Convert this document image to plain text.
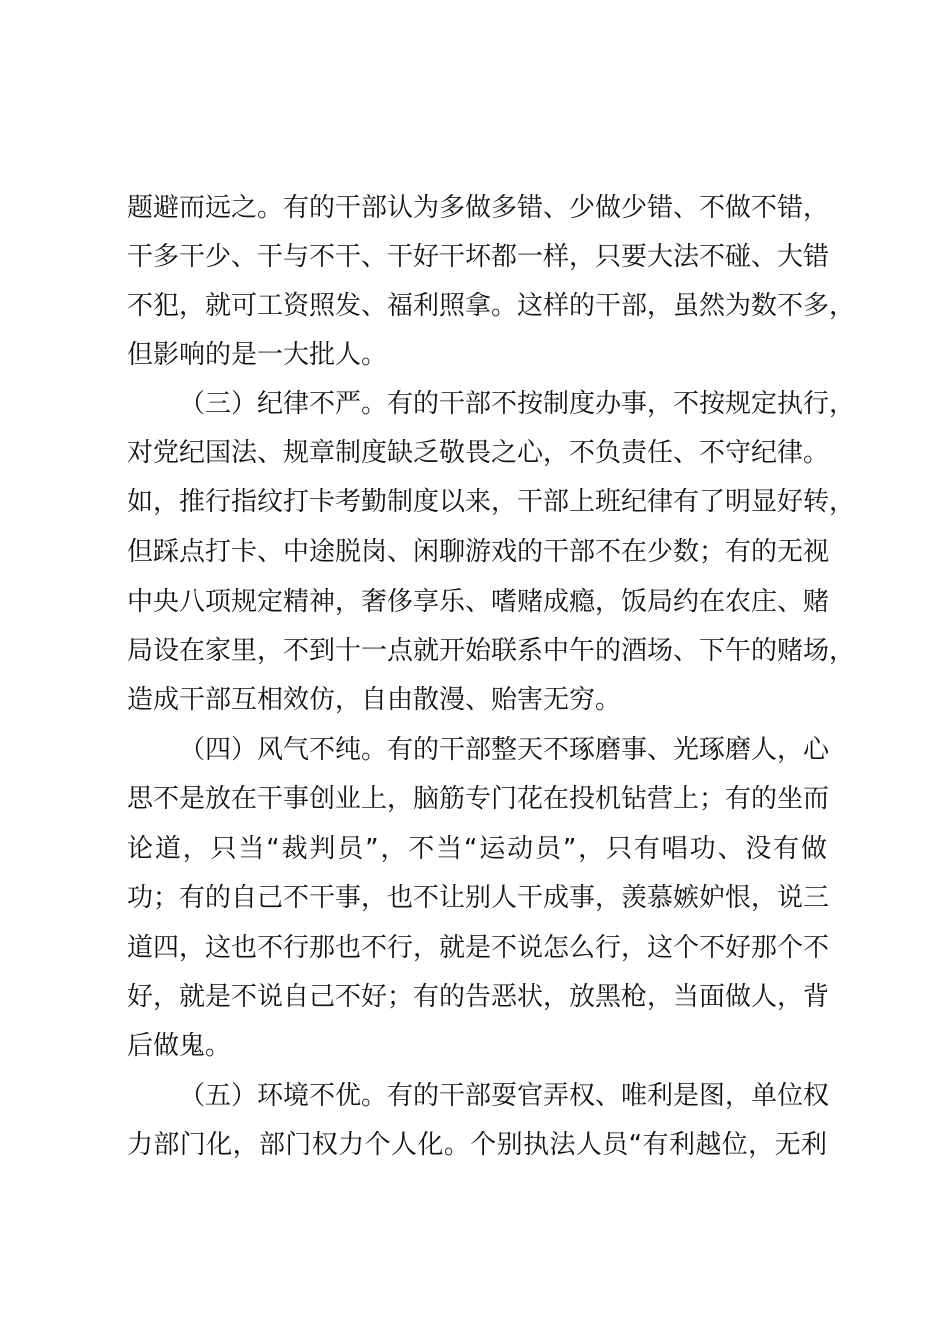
题避而远之。有的干部认为多做多错、少做少错、不做不错，
干多干少、干与不干、干好干坏都一样，只要大法不碰、大错
不犯，就可工资照发、福利照拿。这样的干部，虽然为数不多，
但影响的是一大批人。
（三）纪律不严。有的干部不按制度办事，不按规定执行，
对党纪国法、规章制度缺乏敬畏之心，不负责任、不守纪律。
如，推行指纹打卡考勤制度以来，干部上班纪律有了明显好转，
但踩点打卡、中途脱岗、闲聊游戏的干部不在少数；有的无视
中央八项规定精神，奢侈享乐、嗜赌成瘾，饭局约在农庄、赌
局设在家里，不到十一点就开始联系中午的酒场、下午的赌场，
造成干部互相效仿，自由散漫、贻害无穷。
（四）风气不纯。有的干部整天不琢磨事、光琢磨人，心
思不是放在干事创业上，脑筋专门花在投机钻营上；有的坐而
论道，只当“裁判员”，不当“运动员”，只有唱功、没有做
功；有的自己不干事，也不让别人干成事，羡慕嫉妒恨，说三
道四，这也不行那也不行，就是不说怎么行，这个不好那个不
好，就是不说自己不好；有的告恶状，放黑枪，当面做人，背
后做鬼。
（五）环境不优。有的干部耍官弄权、唯利是图，单位权
力部门化，部门权力个人化。个别执法人员“有利越位，无利
